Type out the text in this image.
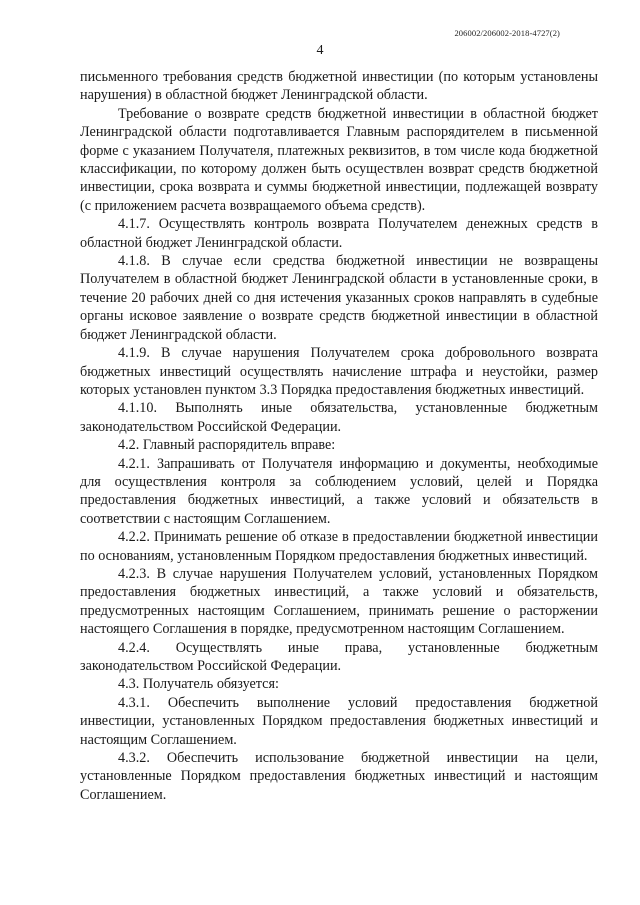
206002/206002-2018-4727(2)
4

письменного требования средств бюджетной инвестиции (по которым установлены нарушения) в областной бюджет Ленинградской области.

Требование о возврате средств бюджетной инвестиции в областной бюджет Ленинградской области подготавливается Главным распорядителем в письменной форме с указанием Получателя, платежных реквизитов, в том числе кода бюджетной классификации, по которому должен быть осуществлен возврат средств бюджетной инвестиции, срока возврата и суммы бюджетной инвестиции, подлежащей возврату (с приложением расчета возвращаемого объема средств).

4.1.7. Осуществлять контроль возврата Получателем денежных средств в областной бюджет Ленинградской области.

4.1.8. В случае если средства бюджетной инвестиции не возвращены Получателем в областной бюджет Ленинградской области в установленные сроки, в течение 20 рабочих дней со дня истечения указанных сроков направлять в судебные органы исковое заявление о возврате средств бюджетной инвестиции в областной бюджет Ленинградской области.

4.1.9. В случае нарушения Получателем срока добровольного возврата бюджетных инвестиций осуществлять начисление штрафа и неустойки, размер которых установлен пунктом 3.3 Порядка предоставления бюджетных инвестиций.

4.1.10. Выполнять иные обязательства, установленные бюджетным законодательством Российской Федерации.

4.2. Главный распорядитель вправе:

4.2.1. Запрашивать от Получателя информацию и документы, необходимые для осуществления контроля за соблюдением условий, целей и Порядка предоставления бюджетных инвестиций, а также условий и обязательств в соответствии с настоящим Соглашением.

4.2.2. Принимать решение об отказе в предоставлении бюджетной инвестиции по основаниям, установленным Порядком предоставления бюджетных инвестиций.

4.2.3. В случае нарушения Получателем условий, установленных Порядком предоставления бюджетных инвестиций, а также условий и обязательств, предусмотренных настоящим Соглашением, принимать решение о расторжении настоящего Соглашения в порядке, предусмотренном настоящим Соглашением.

4.2.4. Осуществлять иные права, установленные бюджетным законодательством Российской Федерации.

4.3. Получатель обязуется:

4.3.1. Обеспечить выполнение условий предоставления бюджетной инвестиции, установленных Порядком предоставления бюджетных инвестиций и настоящим Соглашением.

4.3.2. Обеспечить использование бюджетной инвестиции на цели, установленные Порядком предоставления бюджетных инвестиций и настоящим Соглашением.
